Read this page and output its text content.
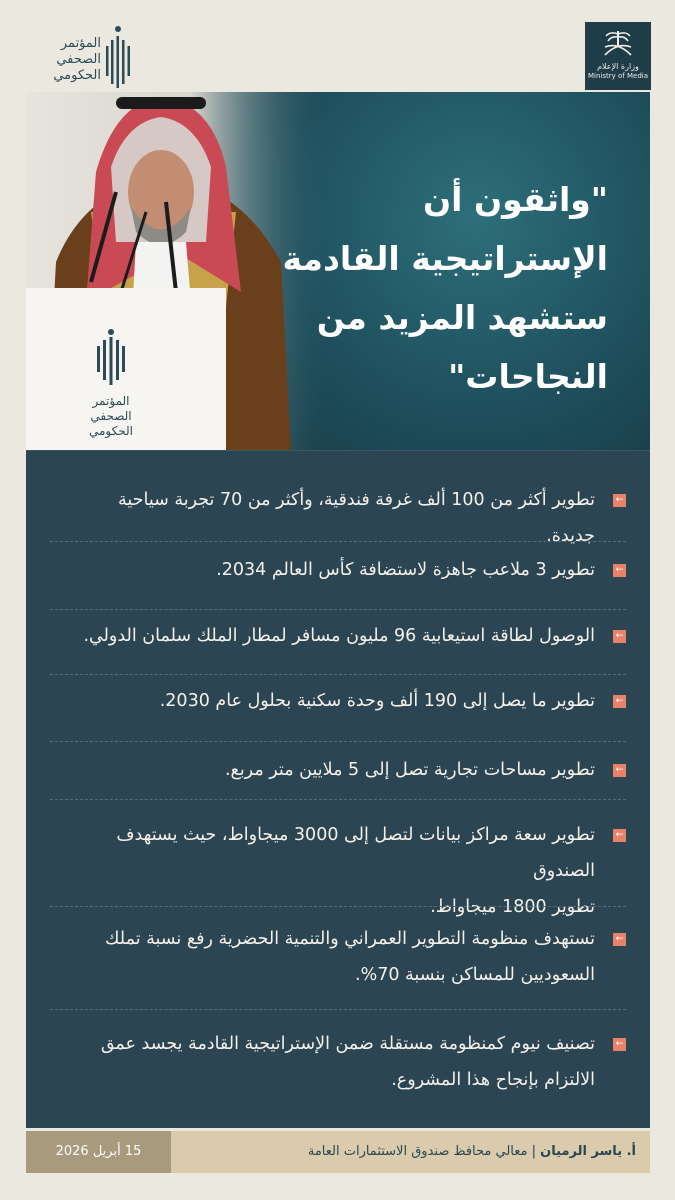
المؤتمر
الصحفي
الحكومي
وزارة الإعلام
Ministry of Media
المؤتمر
الصحفي
الحكومي
"واثقون أن
الإستراتيجية القادمة
ستشهد المزيد من
النجاحات"
←
تطوير أكثر من 100 ألف غرفة فندقية، وأكثر من 70 تجربة سياحية جديدة.
←
تطوير 3 ملاعب جاهزة لاستضافة كأس العالم 2034.
←
الوصول لطاقة استيعابية 96 مليون مسافر لمطار الملك سلمان الدولي.
←
تطوير ما يصل إلى 190 ألف وحدة سكنية بحلول عام 2030.
←
تطوير مساحات تجارية تصل إلى 5 ملايين متر مربع.
←
تطوير سعة مراكز بيانات لتصل إلى 3000 ميجاواط، حيث يستهدف الصندوق
تطوير 1800 ميجاواط.
←
تستهدف منظومة التطوير العمراني والتنمية الحضرية رفع نسبة تملك
السعوديين للمساكن بنسبة 70%.
←
تصنيف نيوم كمنظومة مستقلة ضمن الإستراتيجية القادمة يجسد عمق
الالتزام بإنجاح هذا المشروع.
15 أبريل 2026	أ. ياسر الرميان | معالي محافظ صندوق الاستثمارات العامة
